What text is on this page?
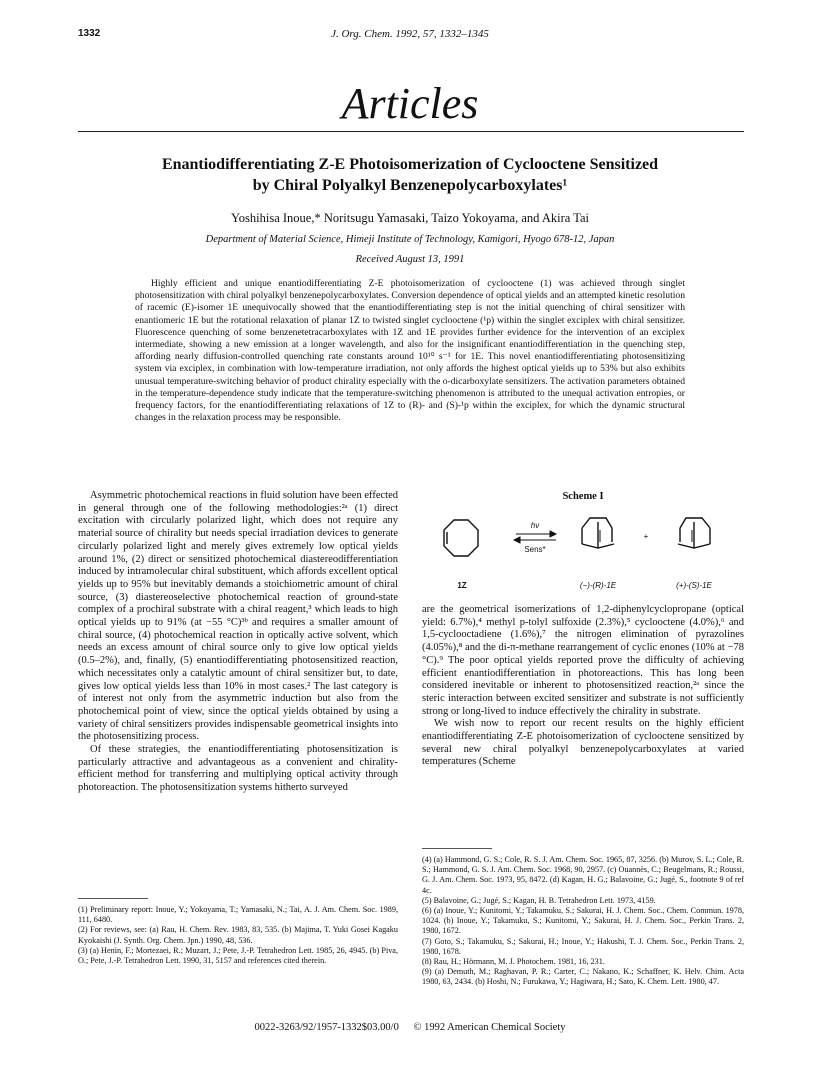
1332	J. Org. Chem. 1992, 57, 1332–1345
Articles
Enantiodifferentiating Z-E Photoisomerization of Cyclooctene Sensitized
by Chiral Polyalkyl Benzenepolycarboxylates¹
Yoshihisa Inoue,* Noritsugu Yamasaki, Taizo Yokoyama, and Akira Tai
Department of Material Science, Himeji Institute of Technology, Kamigori, Hyogo 678-12, Japan
Received August 13, 1991

Highly efficient and unique enantiodifferentiating Z-E photoisomerization of cyclooctene (1) was achieved through singlet photosensitization with chiral polyalkyl benzenepolycarboxylates. Conversion dependence of optical yields and an attempted kinetic resolution of racemic (E)-isomer 1E unequivocally showed that the enantiodifferentiating step is not the initial quenching of chiral sensitizer with enantiomeric 1E but the rotational relaxation of planar 1Z to twisted singlet cyclooctene (¹p) within the singlet exciplex with chiral sensitizer. Fluorescence quenching of some benzenetetracarboxylates with 1Z and 1E provides further evidence for the intervention of an exciplex intermediate, showing a new emission at a longer wavelength, and also for the insignificant enantiodifferentiation in the quenching step, affording nearly diffusion-controlled quenching rate constants around 10¹⁰ s⁻¹ for 1E. This novel enantiodifferentiating photosensitizing system via exciplex, in combination with low-temperature irradiation, not only affords the highest optical yields up to 53% but also exhibits unusual temperature-switching behavior of product chirality especially with the o-dicarboxylate sensitizers. The activation parameters obtained in the temperature-dependence study indicate that the temperature-switching phenomenon is attributed to the unequal activation entropies, or frequency factors, for the enantiodifferentiating relaxations of 1Z to (R)- and (S)-¹p within the exciplex, for which the dynamic structural changes in the relaxation process may be responsible.

Asymmetric photochemical reactions in fluid solution have been effected in general through one of the following methodologies:²ᵃ (1) direct excitation with circularly polarized light, which does not require any material source of chirality but needs special irradiation devices to generate circularly polarized light and merely gives extremely low optical yields around 1%, (2) direct or sensitized photochemical diastereodifferentiation induced by intramolecular chiral substituent, which affords excellent optical yields up to 95% but inevitably demands a stoichiometric amount of chiral source, (3) diastereoselective photochemical reaction of ground-state complex of a prochiral substrate with a chiral reagent,³ which leads to high optical yields up to 91% (at −55 °C)³ᵇ and requires a smaller amount of chiral source, (4) photochemical reaction in optically active solvent, which needs an excess amount of chiral source only to give low optical yields (0.5–2%), and, finally, (5) enantiodifferentiating photosensitized reaction, which necessitates only a catalytic amount of chiral sensitizer but, to date, gives low optical yields less than 10% in most cases.² The last category is of interest not only from the asymmetric induction but also from the photochemical point of view, since the optical yields obtained by using a variety of chiral sensitizers provides indispensable geometrical insights into the photosensitizing process.

Of these strategies, the enantiodifferentiating photosensitization is particularly attractive and advantageous as a convenient and chirality-efficient method for transferring and multiplying optical activity through photoreaction. The photosensitization systems hitherto surveyed

Scheme I
hν
Sens*
+
1Z	(−)-(R)-1E	(+)-(S)-1E

are the geometrical isomerizations of 1,2-diphenylcyclopropane (optical yield: 6.7%),⁴ methyl p-tolyl sulfoxide (2.3%),⁵ cyclooctene (4.0%),⁶ and 1,5-cyclooctadiene (1.6%),⁷ the nitrogen elimination of pyrazolines (4.05%),⁸ and the di-π-methane rearrangement of cyclic enones (10% at −78 °C).⁹ The poor optical yields reported prove the difficulty of achieving efficient enantiodifferentiation in photoreactions. This has long been considered inevitable or inherent to photosensitized reaction,²ᵃ since the steric interaction between excited sensitizer and substrate is not sufficiently strong or long-lived to induce effectively the chirality in substrate.

We wish now to report our recent results on the highly efficient enantiodifferentiating Z-E photoisomerization of cyclooctene sensitized by several new chiral polyalkyl benzenepolycarboxylates at varied temperatures (Scheme

(1) Preliminary report: Inoue, Y.; Yokoyama, T.; Yamasaki, N.; Tai, A. J. Am. Chem. Soc. 1989, 111, 6480.

(2) For reviews, see: (a) Rau, H. Chem. Rev. 1983, 83, 535. (b) Majima, T. Yuki Gosei Kagaku Kyokaishi (J. Synth. Org. Chem. Jpn.) 1990, 48, 536.

(3) (a) Henin, F.; Mortezaei, R.; Muzart, J.; Pete, J.-P. Tetrahedron Lett. 1985, 26, 4945. (b) Piva, O.; Pete, J.-P. Tetrahedron Lett. 1990, 31, 5157 and references cited therein.

(4) (a) Hammond, G. S.; Cole, R. S. J. Am. Chem. Soc. 1965, 87, 3256. (b) Murov, S. L.; Cole, R. S.; Hammond, G. S. J. Am. Chem. Soc. 1968, 90, 2957. (c) Ouannès, C.; Beugelmans, R.; Roussi, G. J. Am. Chem. Soc. 1973, 95, 8472. (d) Kagan, H. G.; Balavoine, G.; Jugé, S., footnote 9 of ref 4c.

(5) Balavoine, G.; Jugé, S.; Kagan, H. B. Tetrahedron Lett. 1973, 4159.

(6) (a) Inoue, Y.; Kunitomi, Y.; Takamuku, S.; Sakurai, H. J. Chem. Soc., Chem. Commun. 1978, 1024. (b) Inoue, Y.; Takamuku, S.; Kunitomi, Y.; Sakurai, H. J. Chem. Soc., Perkin Trans. 2, 1980, 1672.

(7) Goto, S.; Takamuku, S.; Sakurai, H.; Inoue, Y.; Hakushi, T. J. Chem. Soc., Perkin Trans. 2, 1980, 1678.

(8) Rau, H.; Hörmann, M. J. Photochem. 1981, 16, 231.

(9) (a) Demuth, M.; Raghavan, P. R.; Carter, C.; Nakano, K.; Schaffner, K. Helv. Chim. Acta 1980, 63, 2434. (b) Hoshi, N.; Furukawa, Y.; Hagiwara, H.; Sato, K. Chem. Lett. 1980, 47.

0022-3263/92/1957-1332$03.00/0 © 1992 American Chemical Society
